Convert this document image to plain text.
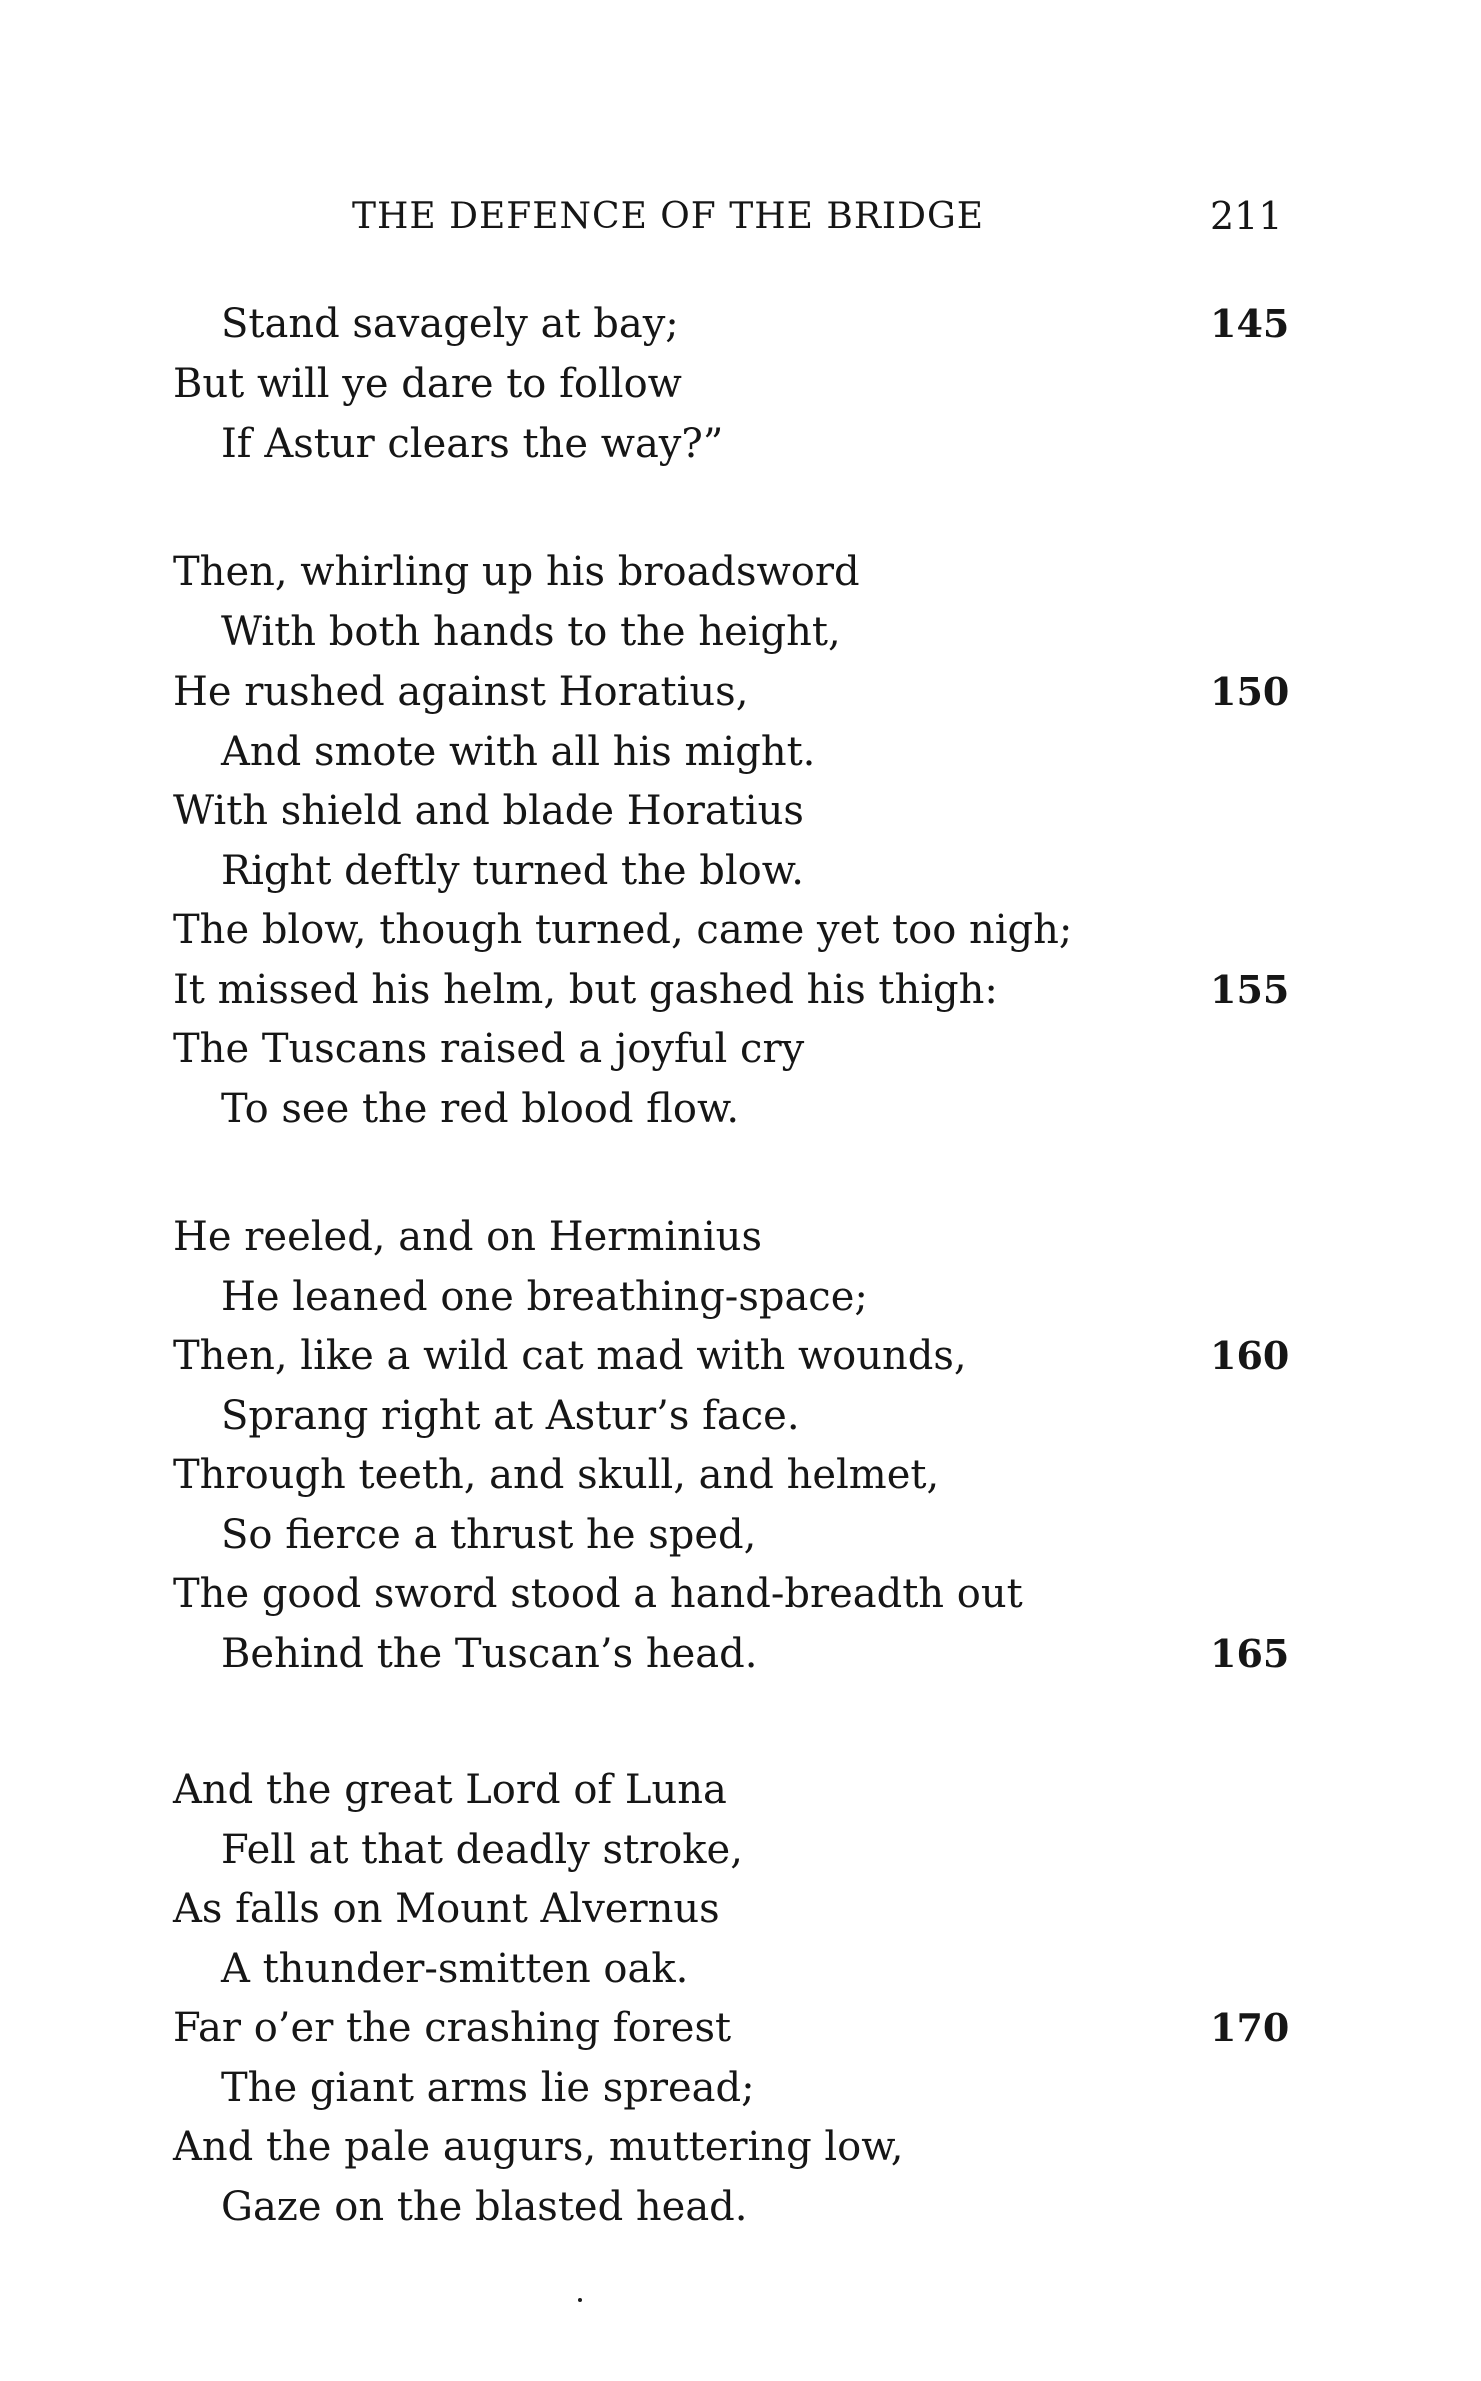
THE DEFENCE OF THE BRIDGE	211
Stand savagely at bay;	145
But will ye dare to follow
If Astur clears the way?”
Then, whirling up his broadsword
With both hands to the height,
He rushed against Horatius,	150
And smote with all his might.
With shield and blade Horatius
Right deftly turned the blow.
The blow, though turned, came yet too nigh;
It missed his helm, but gashed his thigh:	155
The Tuscans raised a joyful cry
To see the red blood flow.
He reeled, and on Herminius
He leaned one breathing-space;
Then, like a wild cat mad with wounds,	160
Sprang right at Astur’s face.
Through teeth, and skull, and helmet,
So fierce a thrust he sped,
The good sword stood a hand-breadth out
Behind the Tuscan’s head.	165
And the great Lord of Luna
Fell at that deadly stroke,
As falls on Mount Alvernus
A thunder-smitten oak.
Far o’er the crashing forest	170
The giant arms lie spread;
And the pale augurs, muttering low,
Gaze on the blasted head.
